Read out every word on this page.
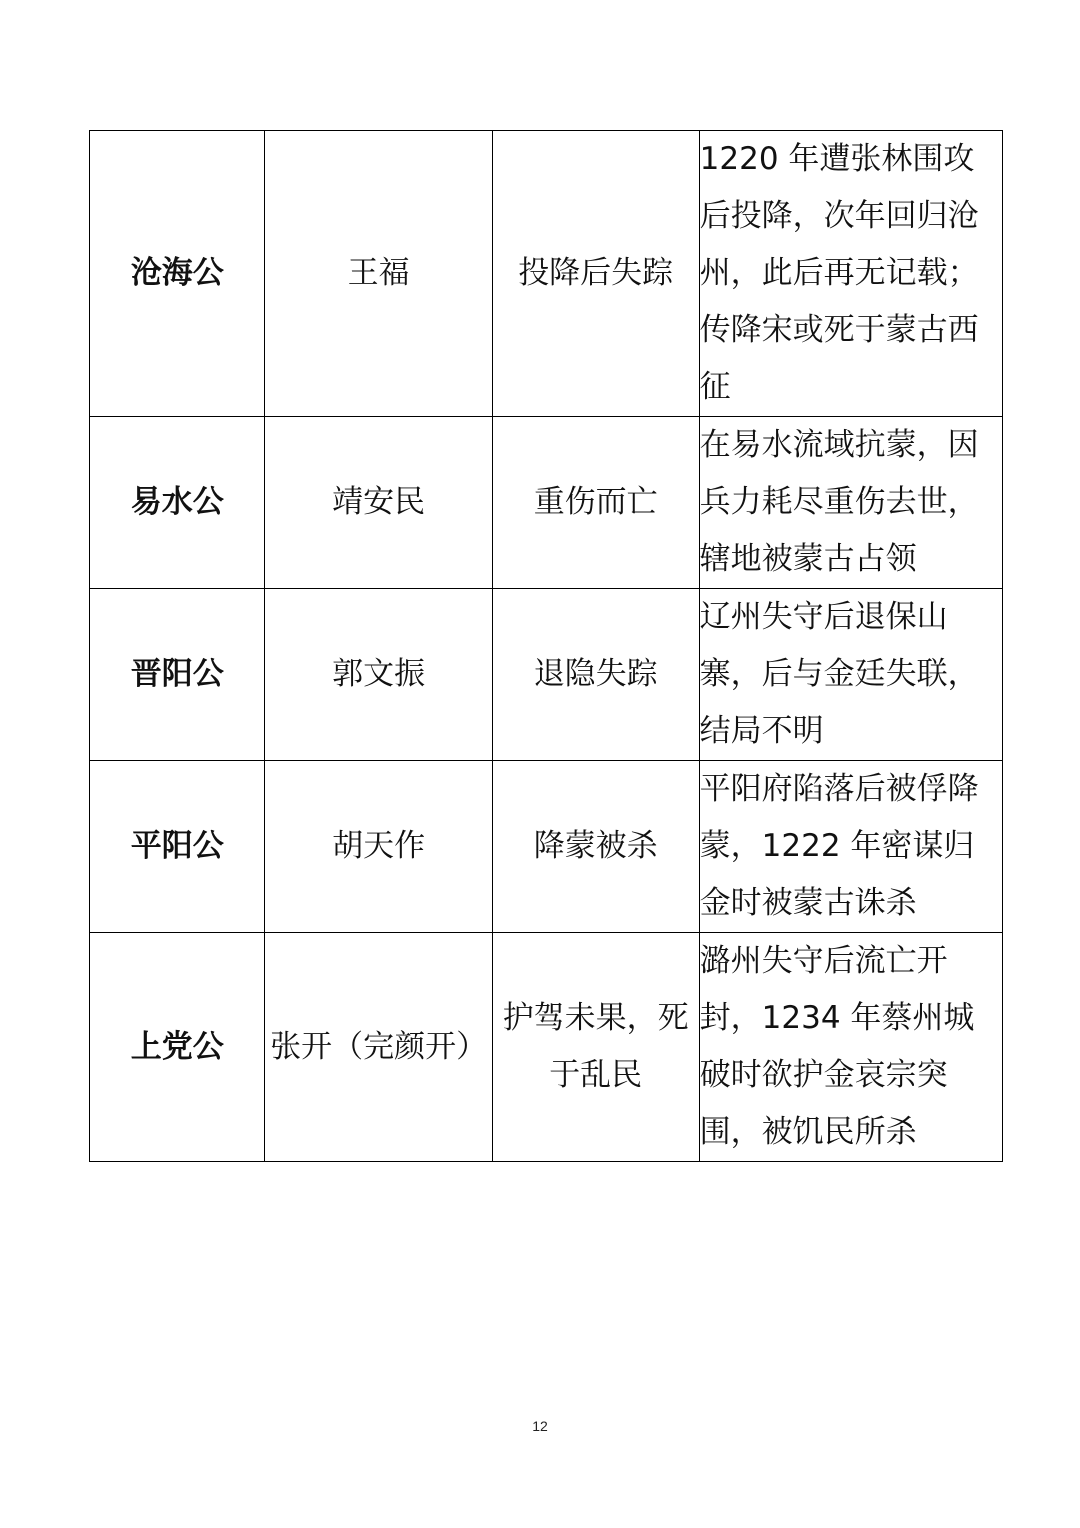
沧海公	王福	投降后失踪	1220 年遭张林围攻后投降，次年回归沧州，此后再无记载；传降宋或死于蒙古西征
易水公	靖安民	重伤而亡	在易水流域抗蒙，因兵力耗尽重伤去世，辖地被蒙古占领
晋阳公	郭文振	退隐失踪	辽州失守后退保山寨，后与金廷失联，结局不明
平阳公	胡天作	降蒙被杀	平阳府陷落后被俘降蒙，1222 年密谋归金时被蒙古诛杀
上党公	张开（完颜开）	护驾未果，死于乱民	潞州失守后流亡开封，1234 年蔡州城破时欲护金哀宗突围，被饥民所杀
12
